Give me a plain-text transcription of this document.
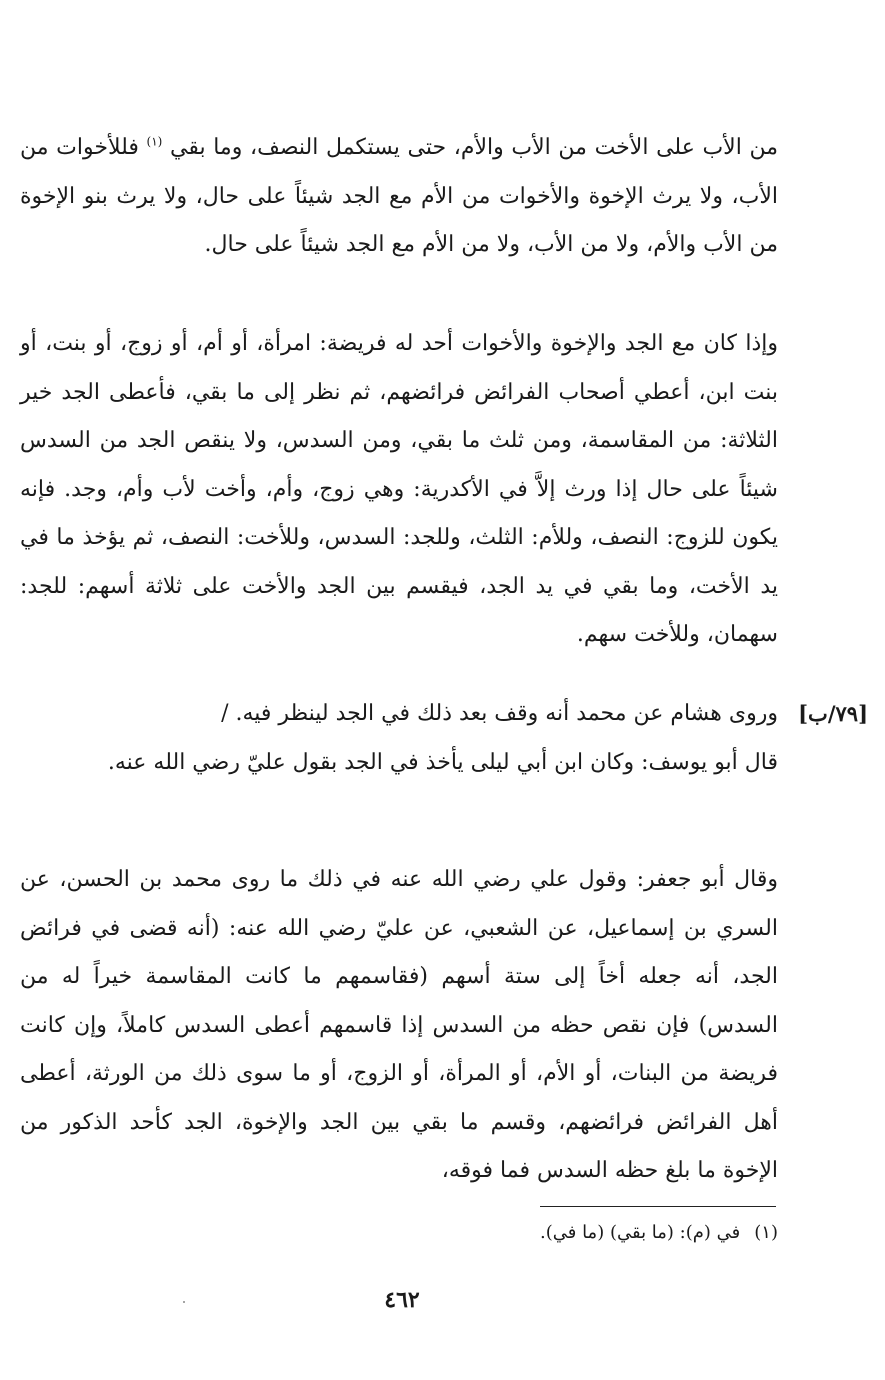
من الأب على الأخت من الأب والأم، حتى يستكمل النصف، وما بقي $^{(١)}$ فللأخوات من الأب، ولا يرث الإخوة والأخوات من الأم مع الجد شيئاً على حال، ولا يرث بنو الإخوة من الأب والأم، ولا من الأب، ولا من الأم مع الجد شيئاً على حال.
وإذا كان مع الجد والإخوة والأخوات أحد له فريضة: امرأة، أو أم، أو زوج، أو بنت، أو بنت ابن، أعطي أصحاب الفرائض فرائضهم، ثم نظر إلى ما بقي، فأعطى الجد خير الثلاثة: من المقاسمة، ومن ثلث ما بقي، ومن السدس، ولا ينقص الجد من السدس شيئاً على حال إذا ورث إلاَّ في الأكدرية: وهي زوج، وأم، وأخت لأب وأم، وجد. فإنه يكون للزوج: النصف، وللأم: الثلث، وللجد: السدس، وللأخت: النصف، ثم يؤخذ ما في يد الأخت، وما بقي في يد الجد، فيقسم بين الجد والأخت على ثلاثة أسهم: للجد: سهمان، وللأخت سهم.
[٧٩/ب]
وروى هشام عن محمد أنه وقف بعد ذلك في الجد لينظر فيه. /
قال أبو يوسف: وكان ابن أبي ليلى يأخذ في الجد بقول عليّ رضي الله عنه.
وقال أبو جعفر: وقول علي رضي الله عنه في ذلك ما روى محمد بن الحسن، عن السري بن إسماعيل، عن الشعبي، عن عليّ رضي الله عنه: (أنه قضى في فرائض الجد، أنه جعله أخاً إلى ستة أسهم (فقاسمهم ما كانت المقاسمة خيراً له من السدس) فإن نقص حظه من السدس إذا قاسمهم أعطى السدس كاملاً، وإن كانت فريضة من البنات، أو الأم، أو المرأة، أو الزوج، أو ما سوى ذلك من الورثة، أعطى أهل الفرائض فرائضهم، وقسم ما بقي بين الجد والإخوة، الجد كأحد الذكور من الإخوة ما بلغ حظه السدس فما فوقه،
(١)في (م): (ما بقي) (ما في).
٤٦٢
